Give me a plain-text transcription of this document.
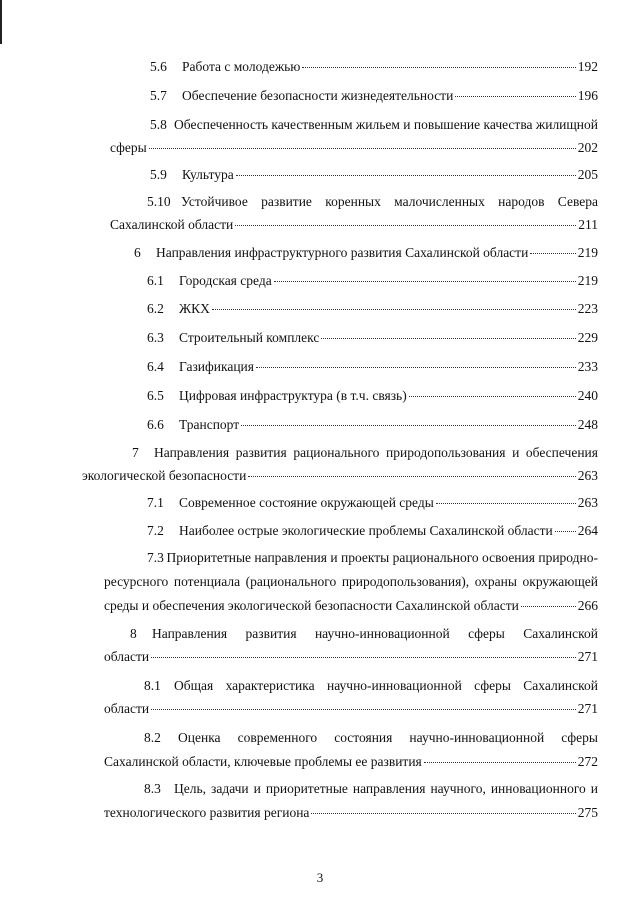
5.6	Работа с молодежью	192
5.7	Обеспечение безопасности жизнедеятельности	196
5.8 Обеспеченность качественным жильем и повышение качества жилищной
сферы	202
5.9	Культура	205
5.10 Устойчивое развитие коренных малочисленных народов Севера
Сахалинской области	211
6	Направления инфраструктурного развития Сахалинской области	219
6.1	Городская среда	219
6.2	ЖКХ	223
6.3	Строительный комплекс	229
6.4	Газификация	233
6.5	Цифровая инфраструктура (в т.ч. связь)	240
6.6	Транспорт	248
7	Направления развития рационального природопользования и обеспечения
экологической безопасности	263
7.1	Современное состояние окружающей среды	263
7.2	Наиболее острые экологические проблемы Сахалинской области 264
7.3 Приоритетные направления и проекты рационального освоения природно-
ресурсного потенциала (рационального природопользования), охраны окружающей
среды и обеспечения экологической безопасности Сахалинской области	266
8	Направления развития научно-инновационной сферы Сахалинской
области	271
8.1 Общая характеристика научно-инновационной сферы Сахалинской
области	271
8.2	Оценка современного состояния научно-инновационной сферы
Сахалинской области, ключевые проблемы ее развития	272
8.3 Цель, задачи и приоритетные направления научного, инновационного и
технологического развития региона	275
3
